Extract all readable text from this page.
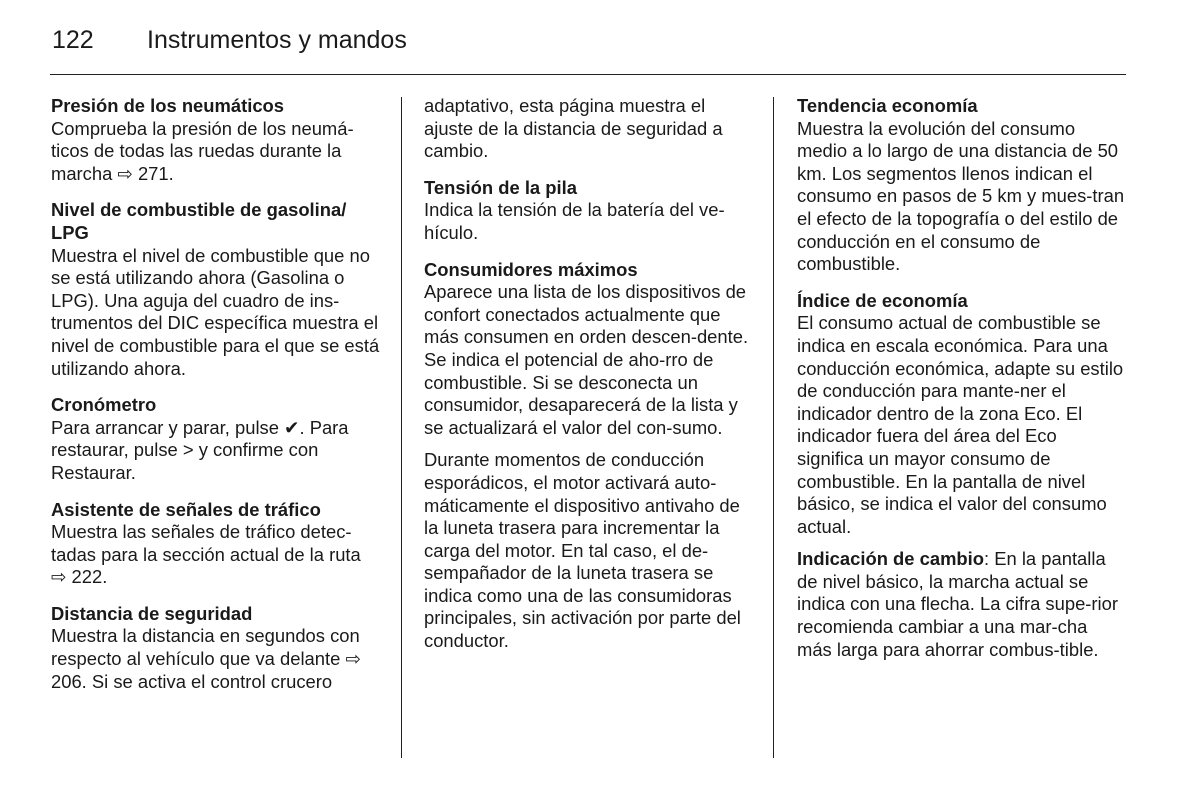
122 Instrumentos y mandos
Presión de los neumáticos
Comprueba la presión de los neumá-ticos de todas las ruedas durante la marcha ⇨ 271.
Nivel de combustible de gasolina/ LPG
Muestra el nivel de combustible que no se está utilizando ahora (Gasolina o LPG). Una aguja del cuadro de ins-trumentos del DIC específica muestra el nivel de combustible para el que se está utilizando ahora.
Cronómetro
Para arrancar y parar, pulse ✔. Para restaurar, pulse > y confirme con Restaurar.
Asistente de señales de tráfico
Muestra las señales de tráfico detec-tadas para la sección actual de la ruta ⇨ 222.
Distancia de seguridad
Muestra la distancia en segundos con respecto al vehículo que va delante ⇨ 206. Si se activa el control crucero
adaptativo, esta página muestra el ajuste de la distancia de seguridad a cambio.
Tensión de la pila
Indica la tensión de la batería del ve-hículo.
Consumidores máximos

Aparece una lista de los dispositivos de confort conectados actualmente que más consumen en orden descen-dente. Se indica el potencial de aho-rro de combustible. Si se desconecta un consumidor, desaparecerá de la lista y se actualizará el valor del con-sumo.

Durante momentos de conducción esporádicos, el motor activará auto-máticamente el dispositivo antivaho de la luneta trasera para incrementar la carga del motor. En tal caso, el de-sempañador de la luneta trasera se indica como una de las consumidoras principales, sin activación por parte del conductor.

Tendencia economía
Muestra la evolución del consumo medio a lo largo de una distancia de 50 km. Los segmentos llenos indican el consumo en pasos de 5 km y mues-tran el efecto de la topografía o del estilo de conducción en el consumo de combustible.
Índice de economía

El consumo actual de combustible se indica en escala económica. Para una conducción económica, adapte su estilo de conducción para mante-ner el indicador dentro de la zona Eco. El indicador fuera del área del Eco significa un mayor consumo de combustible. En la pantalla de nivel básico, se indica el valor del consumo actual.

Indicación de cambio: En la pantalla de nivel básico, la marcha actual se indica con una flecha. La cifra supe-rior recomienda cambiar a una mar-cha más larga para ahorrar combus-tible.
